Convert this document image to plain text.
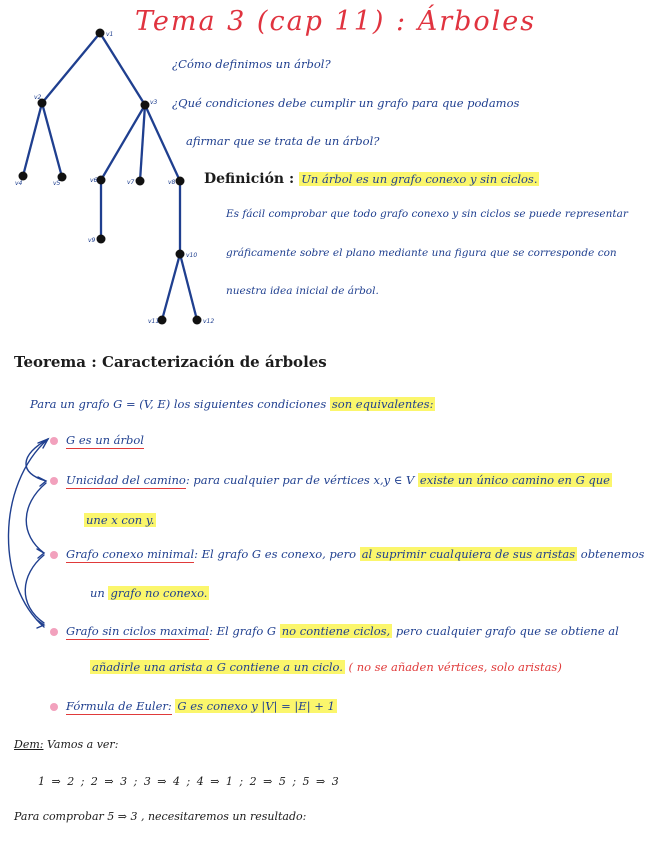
Tema 3 (cap 11) : Árboles
v1
v2
v3
v4	v5	v6	v7	v8
v9
v10
v11	v12
¿Cómo definimos un árbol?
¿Qué condiciones debe cumplir un grafo para que podamos
afirmar que se trata de un árbol?
Definición : Un árbol es un grafo conexo y sin ciclos.
Es fácil comprobar que todo grafo conexo y sin ciclos se puede representar
gráficamente sobre el plano mediante una figura que se corresponde con
nuestra idea inicial de árbol.
Teorema : Caracterización de árboles
Para un grafo G = (V, E) los siguientes condiciones son equivalentes:
G es un árbol
Unicidad del camino: para cualquier par de vértices x,y ∈ V existe un único camino en G que
une x con y.
Grafo conexo minimal: El grafo G es conexo, pero al suprimir cualquiera de sus aristas obtenemos
un grafo no conexo.
Grafo sin ciclos maximal: El grafo G no contiene ciclos, pero cualquier grafo que se obtiene al
añadirle una arista a G contiene a un ciclo. ( no se añaden vértices, solo aristas)
Fórmula de Euler: G es conexo y |V| = |E| + 1
Dem: Vamos a ver:
1 ⇒ 2 ; 2 ⇒ 3 ; 3 ⇒ 4 ; 4 ⇒ 1 ; 2 ⇒ 5 ; 5 ⇒ 3
Para comprobar 5 ⇒ 3 , necesitaremos un resultado:
